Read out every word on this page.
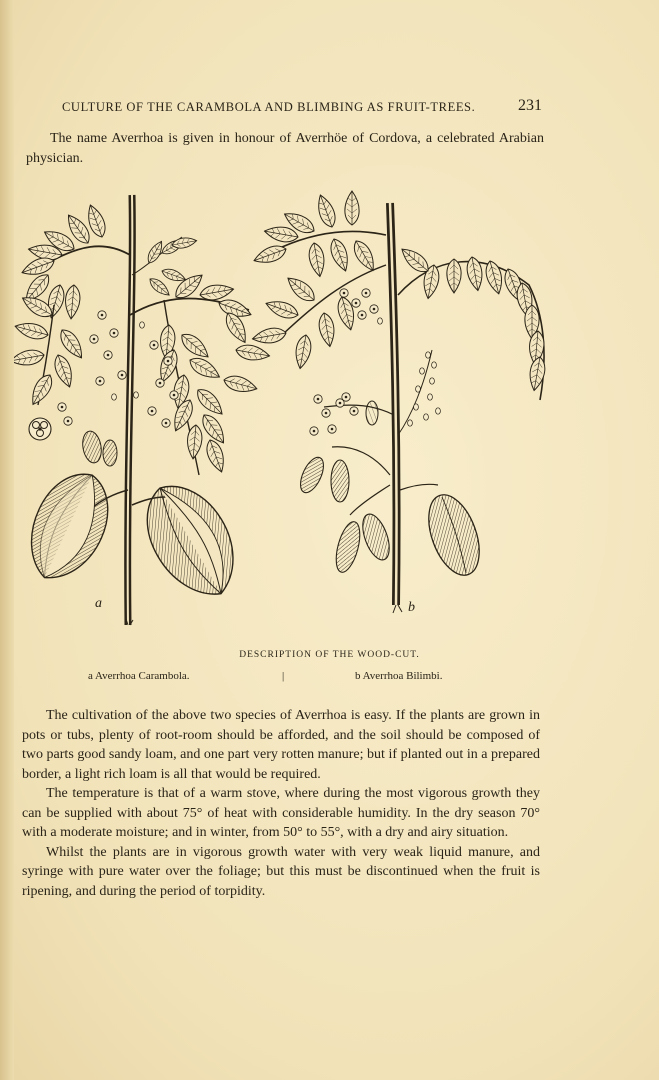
CULTURE OF THE CARAMBOLA AND BLIMBING AS FRUIT-TREES.	231
The name Averrhoa is given in honour of Averrhöe of Cordova, a celebrated Arabian physician.
a	b
DESCRIPTION OF THE WOOD-CUT.
a Averrhoa Carambola.	|	b Averrhoa Bilimbi.

The cultivation of the above two species of Averrhoa is easy. If the plants are grown in pots or tubs, plenty of root-room should be afforded, and the soil should be composed of two parts good sandy loam, and one part very rotten manure; but if planted out in a prepared border, a light rich loam is all that would be required.

The temperature is that of a warm stove, where during the most vigorous growth they can be supplied with about 75° of heat with considerable humidity. In the dry season 70° with a moderate moisture; and in winter, from 50° to 55°, with a dry and airy situation.

Whilst the plants are in vigorous growth water with very weak liquid manure, and syringe with pure water over the foliage; but this must be discontinued when the fruit is ripening, and during the period of torpidity.
